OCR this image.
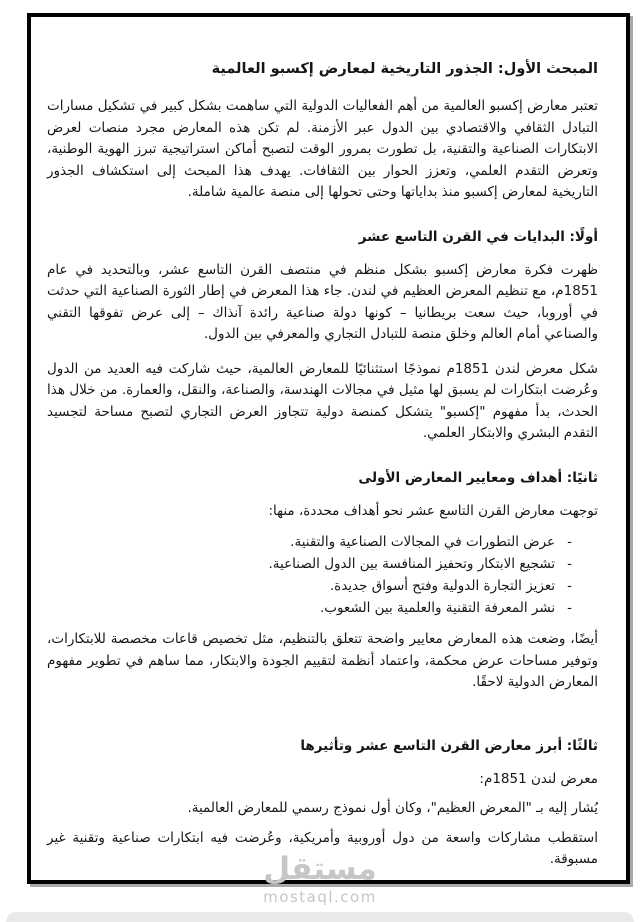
المبحث الأول: الجذور التاريخية لمعارض إكسبو العالمية

تعتبر معارض إكسبو العالمية من أهم الفعاليات الدولية التي ساهمت بشكل كبير في تشكيل مسارات التبادل الثقافي والاقتصادي بين الدول عبر الأزمنة. لم تكن هذه المعارض مجرد منصات لعرض الابتكارات الصناعية والتقنية، بل تطورت بمرور الوقت لتصبح أماكن استراتيجية تبرز الهوية الوطنية، وتعرض التقدم العلمي، وتعزز الحوار بين الثقافات. يهدف هذا المبحث إلى استكشاف الجذور التاريخية لمعارض إكسبو منذ بداياتها وحتى تحولها إلى منصة عالمية شاملة.

أولًا: البدايات في القرن التاسع عشر

ظهرت فكرة معارض إكسبو بشكل منظم في منتصف القرن التاسع عشر، وبالتحديد في عام 1851م، مع تنظيم المعرض العظيم في لندن. جاء هذا المعرض في إطار الثورة الصناعية التي حدثت في أوروبا، حيث سعت بريطانيا – كونها دولة صناعية رائدة آنذاك – إلى عرض تفوقها التقني والصناعي أمام العالم وخلق منصة للتبادل التجاري والمعرفي بين الدول.

شكل معرض لندن 1851م نموذجًا استثنائيًا للمعارض العالمية، حيث شاركت فيه العديد من الدول وعُرضت ابتكارات لم يسبق لها مثيل في مجالات الهندسة، والصناعة، والنقل، والعمارة. من خلال هذا الحدث، بدأ مفهوم "إكسبو" يتشكل كمنصة دولية تتجاوز العرض التجاري لتصبح مساحة لتجسيد التقدم البشري والابتكار العلمي.

ثانيًا: أهداف ومعايير المعارض الأولى

توجهت معارض القرن التاسع عشر نحو أهداف محددة، منها:

-عرض التطورات في المجالات الصناعية والتقنية.
-تشجيع الابتكار وتحفيز المنافسة بين الدول الصناعية.
-تعزيز التجارة الدولية وفتح أسواق جديدة.
-نشر المعرفة التقنية والعلمية بين الشعوب.

أيضًا، وضعت هذه المعارض معايير واضحة تتعلق بالتنظيم، مثل تخصيص قاعات مخصصة للابتكارات، وتوفير مساحات عرض محكمة، واعتماد أنظمة لتقييم الجودة والابتكار، مما ساهم في تطوير مفهوم المعارض الدولية لاحقًا.

ثالثًا: أبرز معارض القرن التاسع عشر وتأثيرها

معرض لندن 1851م:

يُشار إليه بـ "المعرض العظيم"، وكان أول نموذج رسمي للمعارض العالمية.

استقطب مشاركات واسعة من دول أوروبية وأمريكية، وعُرضت فيه ابتكارات صناعية وتقنية غير مسبوقة.

مستقل
mostaql.com
